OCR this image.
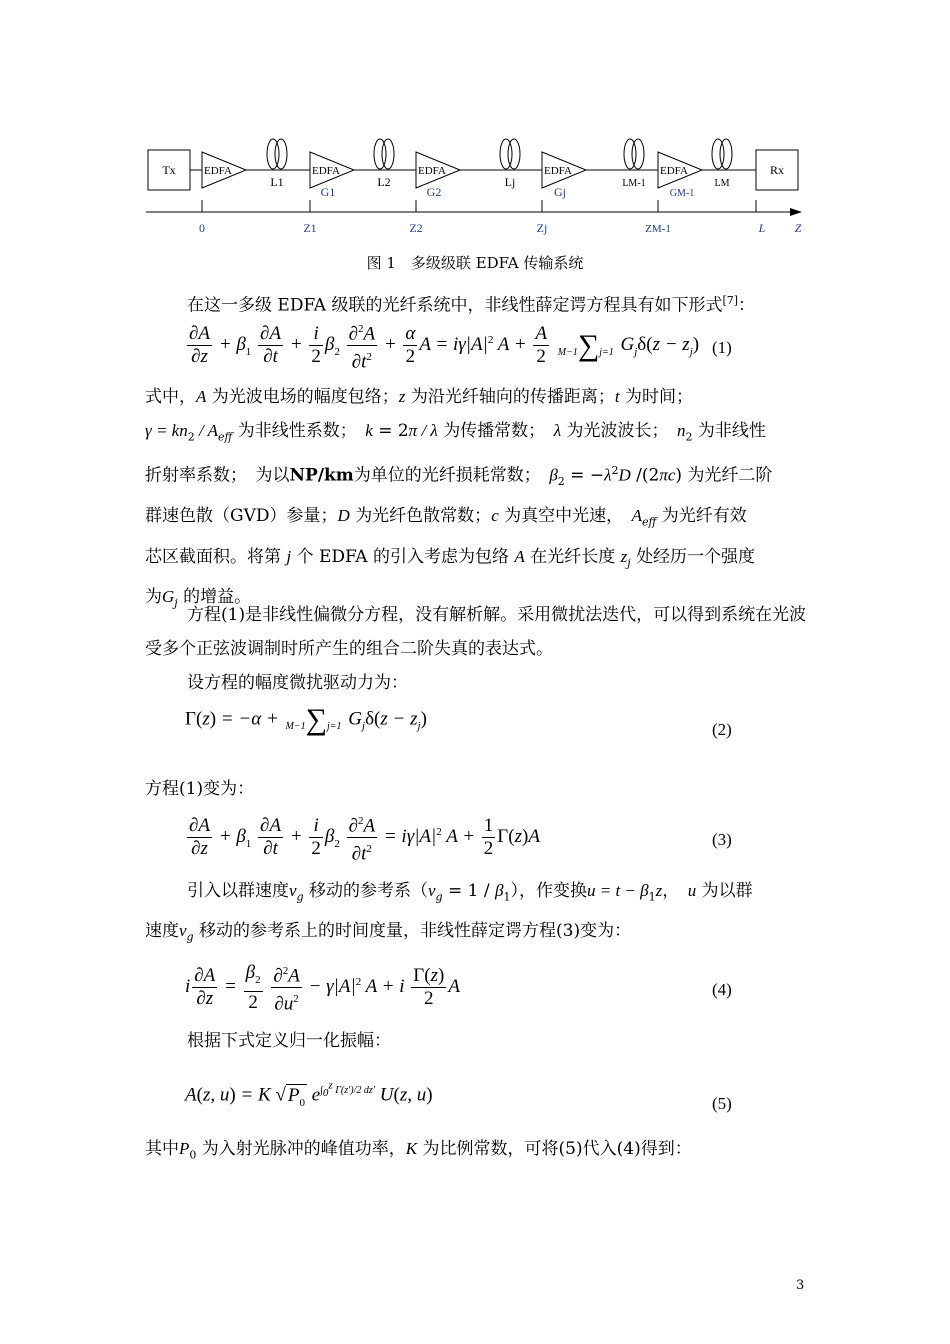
Tx	Rx
EDFA	EDFA	EDFA	EDFA	EDFA
L1	L2	Lj	LM-1	LM
G1	G2	Gj	GM-1
0	Z1	Z2	Zj	ZM-1	L Z
图 1　多级级联 EDFA 传输系统
在这一多级 EDFA 级联的光纤系统中，非线性薛定谔方程具有如下形式[7]：
$\frac{\partial A}{\partial z} + \beta_1 \frac{\partial A}{\partial t} + \frac{i}{2} \beta_2 \frac{\partial^2A}{\partial t^2} + \frac{\alpha}{2}$ $A = i\gamma|A|^2$ $A + \frac{A}{2} M-1\sum j=1$ $G_j\delta(z - z_j)$ (1)
式中，A 为光波电场的幅度包络；z 为沿光纤轴向的传播距离；t 为时间；
$\gamma = kn_2 / A_{eff}$ 为非线性系数；　 k = 2π / λ 为传播常数；　 λ 为光波波长；　 $n_2$ 为非线性
折射率系数；　为以NP/km为单位的光纤损耗常数；　 $\beta_2 = -\lambda^2D$ /(2πc) 为光纤二阶
群速色散（GVD）参量；D 为光纤色散常数；c 为真空中光速，　 $A_{eff}$ 为光纤有效
芯区截面积。将第 j 个 EDFA 的引入考虑为包络 A 在光纤长度 $z_j$ 处经历一个强度
为$G_j$ 的增益。
方程(1)是非线性偏微分方程，没有解析解。采用微扰法迭代，可以得到系统在光波受多个正弦波调制时所产生的组合二阶失真的表达式。
设方程的幅度微扰驱动力为：
Γ(z) = −α + M−1∑j=1 $G_j\delta(z - z_j)$
(2)
方程(1)变为：
$\frac{\partial A}{\partial z} + \beta_1 \frac{\partial A}{\partial t} + \frac{i}{2} \beta_2 \frac{\partial^2A}{\partial t^2} = i\gamma|A|^2$ $A + \frac{1}{2} \Gamma(z)A$	(3)
引入以群速度$v_g$ 移动的参考系$(v_g = 1 / \beta_1)$，作变换$u = t - \beta_1z$，　 u 为以群
速度$v_g$ 移动的参考系上的时间度量，非线性薛定谔方程(3)变为：
i $\frac{\partial A}{\partial z} = \frac{\beta_2}{2}$
$\frac{\partial^2A}{\partial u^2} - \gamma|A|^2$ A + i $\frac{\Gamma(z)}{2}$ A	(4)
根据下式定义归一化振幅：
A(z, u) = K √ $P_0$ $e^{\int_0^z \Gamma(z')/2 dz'}$ U(z, u)	(5)
其中$P_0$ 为入射光脉冲的峰值功率，K 为比例常数，可将(5)代入(4)得到：
3
